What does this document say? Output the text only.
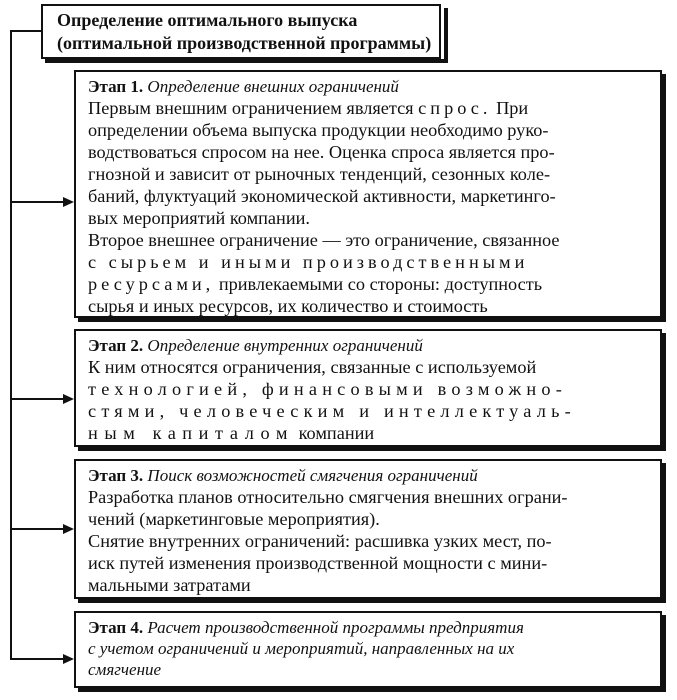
Определение оптимального выпуска
(оптимальной производственной программы)
Этап 1. Определение внешних ограничений
Первым внешним ограничением является спрос. При
определении объема выпуска продукции необходимо руко-
водствоваться спросом на нее. Оценка спроса является про-
гнозной и зависит от рыночных тенденций, сезонных коле-
баний, флуктуаций экономической активности, маркетинго-
вых мероприятий компании.
Второе внешнее ограничение — это ограничение, связанное
с сырьем и иными производственными
ресурсами, привлекаемыми со стороны: доступность
сырья и иных ресурсов, их количество и стоимость
Этап 2. Определение внутренних ограничений
К ним относятся ограничения, связанные с используемой
технологией, финансовыми возможно-
стями, человеческим и интеллектуаль-
ным капиталом компании
Этап 3. Поиск возможностей смягчения ограничений
Разработка планов относительно смягчения внешних ограни-
чений (маркетинговые мероприятия).
Снятие внутренних ограничений: расшивка узких мест, по-
иск путей изменения производственной мощности с мини-
мальными затратами
Этап 4. Расчет производственной программы предприятия
с учетом ограничений и мероприятий, направленных на их
смягчение
